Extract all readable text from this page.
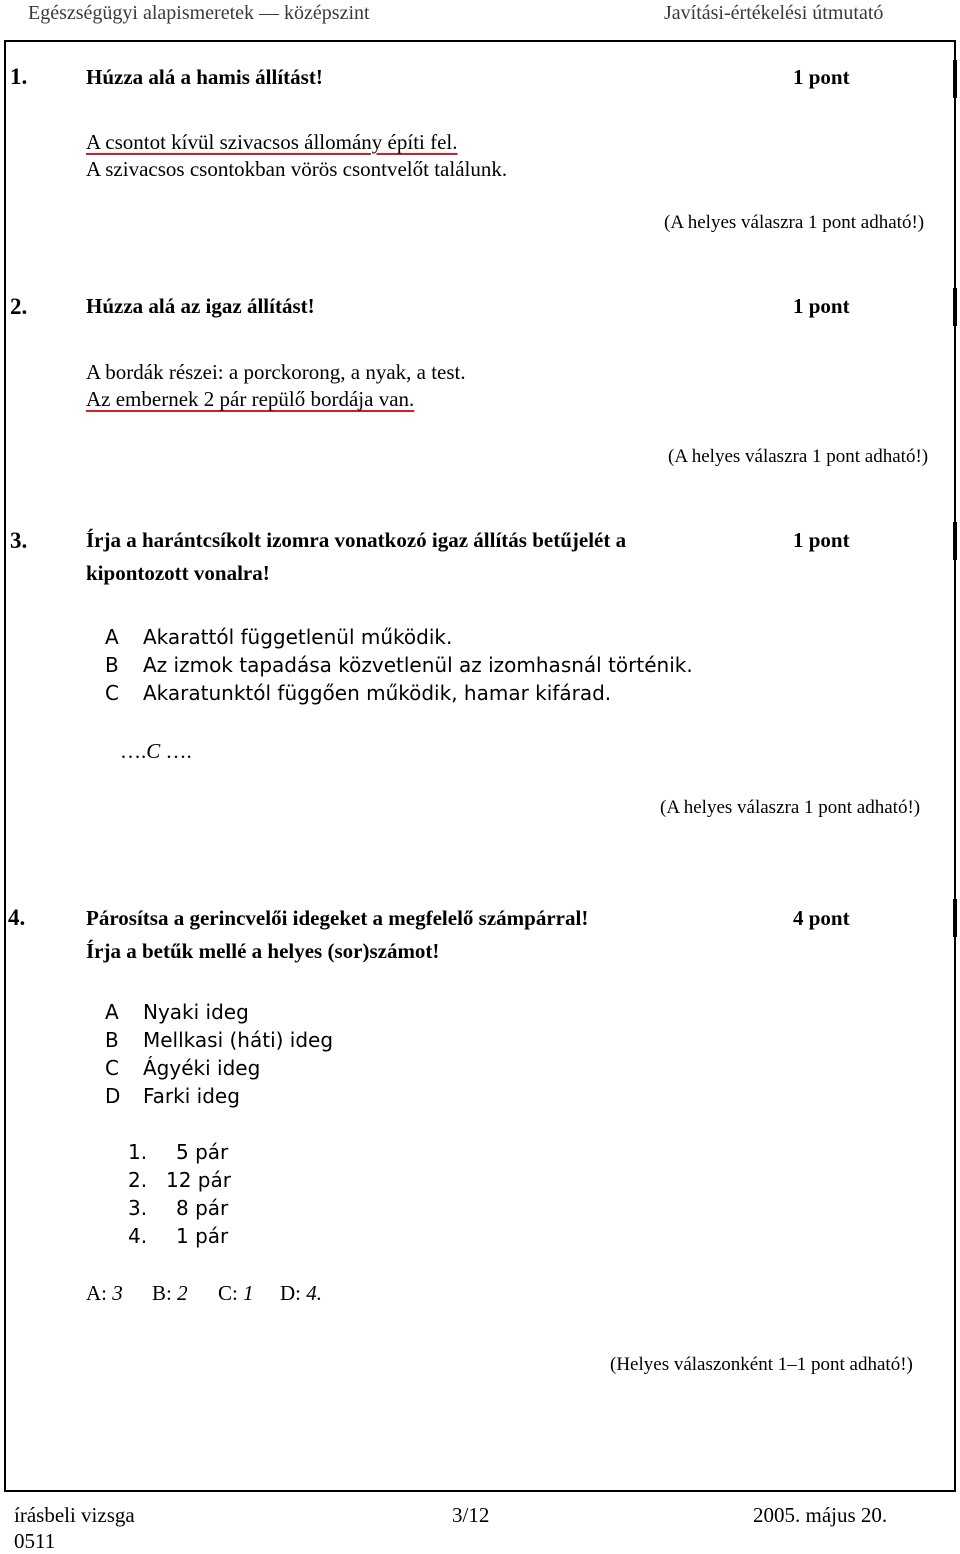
Egészségügyi alapismeretek — középszint	Javítási-értékelési útmutató
1.	Húzza alá a hamis állítást!	1 pont
A csontot kívül szivacsos állomány építi fel.
A szivacsos csontokban vörös csontvelőt találunk.
(A helyes válaszra 1 pont adható!)
2.	Húzza alá az igaz állítást!	1 pont
A bordák részei: a porckorong, a nyak, a test.
Az embernek 2 pár repülő bordája van.
(A helyes válaszra 1 pont adható!)
3.	Írja a harántcsíkolt izomra vonatkozó igaz állítás betűjelét a
kipontozott vonalra!
1 pont
A Akarattól függetlenül működik.
B Az izmok tapadása közvetlenül az izomhasnál történik.
C Akaratunktól függően működik, hamar kifárad.
….C ….
(A helyes válaszra 1 pont adható!)
4.	Párosítsa a gerincvelői idegeket a megfelelő számpárral!
Írja a betűk mellé a helyes (sor)számot!
4 pont
A Nyaki ideg
B Mellkasi (háti) ideg
C Ágyéki ideg
D Farki ideg
1. 5 pár
2. 12 pár
3. 8 pár
4. 1 pár
A: 3 B: 2 C: 1 D: 4.
(Helyes válaszonként 1–1 pont adható!)
írásbeli vizsga
0511
3/12	2005. május 20.
